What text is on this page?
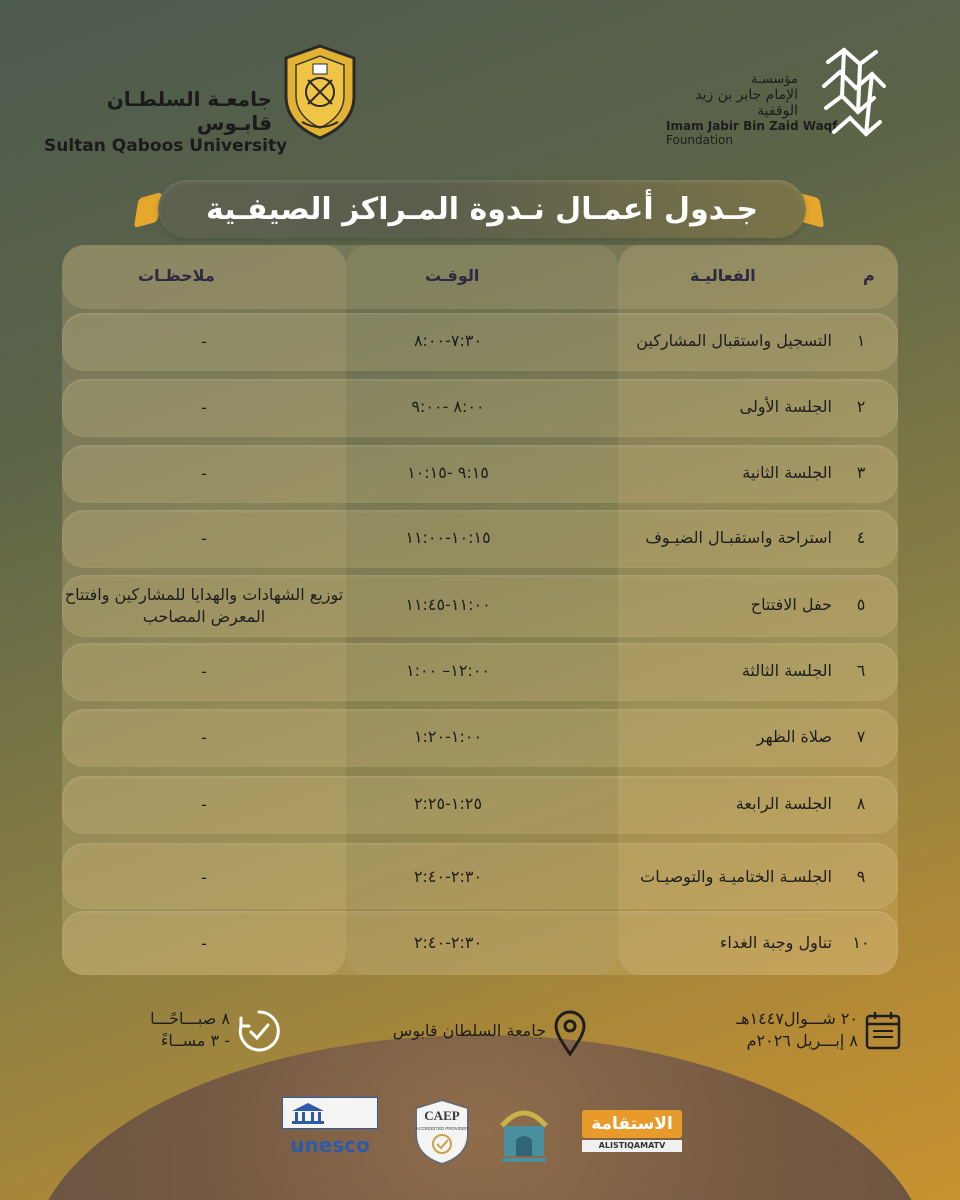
جامعـة السلطـان قابـوس
Sultan Qaboos University
مؤسسـة
الإمام جابر بن زيد الوقفية
Imam Jabir Bin Zaid Waqf
Foundation
جـدول أعمـال نـدوة المـراكز الصيفـية
م
الفعاليـة
الوقـت
ملاحظـات
١
التسجيل واستقبال المشاركين
٧:٣٠-٨:٠٠
-
٢
الجلسة الأولى
٨:٠٠ -٩:٠٠
-
٣
الجلسة الثانية
٩:١٥ -١٠:١٥
-
٤
استراحة واستقبـال الضيـوف
١٠:١٥-١١:٠٠
-
٥
حفل الافتتاح
١١:٠٠-١١:٤٥
توزيع الشهادات والهدايا للمشاركين وافتتاح المعرض المصاحب
٦
الجلسة الثالثة
١٢:٠٠– ١:٠٠
-
٧
صلاة الظهر
١:٠٠-١:٢٠
-
٨
الجلسة الرابعة
١:٢٥-٢:٢٥
-
٩
الجلسـة الختاميـة والتوصيـات
٢:٣٠-٢:٤٠
-
١٠
تناول وجبة الغداء
٢:٣٠-٢:٤٠
-
٢٠ شـــوال١٤٤٧هـ
٨ إبـــريل ٢٠٢٦م
جامعة السلطان قابوس
٨ صبـــاحًـــا
- ٣ مســاءً
unesco
CAEP
ACCREDITED PROVIDER	الاستقامة
ALISTIQAMATV
